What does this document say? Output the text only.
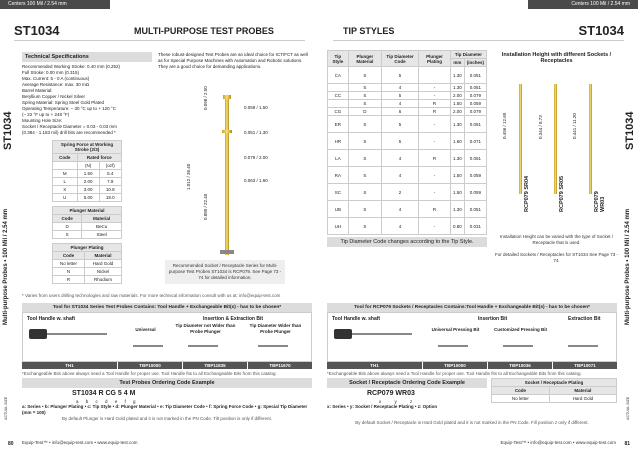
Centers 100 Mil / 2.54 mm
ST1034	MULTI-PURPOSE TEST PROBES
ST1034
Multi-purpose Probes • 100 Mil / 2.54 mm
ACTUAL SIZE
Technical Specifications
Recommended Working Stroke: 0.40 mm (0.252)
Full Stroke: 0.00 mm (0.315)
Max. Current: 5 - 0 A (continuous)
Average Resistance: max. 30 mΩ
Barrel Material:
Beryllium Copper / Nickel Silver
Spring Material: Spring Steel Gold Plated
Operating Temperature: – 30 °C up to + 120 °C
(– 22 °F up to + 248 °F)
Mounting Hole Size:
Socket / Receptacle Diameter = 0.03 - 0.03 mm
(0.384 - 1.183 mil) drill bits are recommended *
Spring Force at Working Stroke (2/3)		
Code	Rated force	
	(N)	(ozf)
M	1.50	5.4
L	2.00	7.9
X	3.00	10.8
U	5.00	18.0
Plunger Material	
Code	Material
D	BeCu
S	Steel
Plunger Plating	
Code	Material
No letter	Hard Gold
N	Nickel
R	Rhodium
These robust-designed Test Probes are an ideal choice for ICT/FCT as well as for Special Purpose Machines with Automation and Robotic solutions. They are a good choice for demanding applications.
0.059 / 1.50
0.051 / 1.30
0.079 / 2.00
0.063 / 1.60
1.012 / 36.40
0.098 / 2.50
0.880 / 22.40
Recommended Socket / Receptacle Series for Multi-purpose Test Probes ST1034 is RCP079. See Page 73 - 74 for detailed information.
* Varies from users drilling technologies and raw materials. For more technical information consult with us at: info@equip-test.com
Tool for ST1034 Series Test Probes Contains: Tool Handle + Exchangeable Bit(s) - has to be chosen*
Tool Handle w. shaft	Insertion & Extraction Bit
Universal
Tip Diameter not Wider than Probe Plunger
Tip Diameter Wider than Probe Plunger
TH1	TBP10000	TBP11835	TBP11670
*Exchangeable Bits above always need a Tool Handle for proper use. Tool Handle fits to all Exchangeable Bits from this catalog.
Test Probes Ordering Code Example
ST1034 R CG 5 4 M
a b c d e f g
a: Series • b: Plunger Plating • c: Tip Style • d: Plunger Material • e: Tip Diameter Code • f: Spring Force Code • g: Special Tip Diameter (mm = 100)
By default Plunger is Hard Gold plated and it is not marked in the PN Code. Tilt position is only if different.
80 Equip-Test™ • info@equip-test.com • www.equip-test.com
Centers 100 Mil / 2.54 mm
TIP STYLES	ST1034
ST1034
Multi-purpose Probes • 100 Mil / 2.54 mm
ACTUAL SIZE
Tip Style	Plunger Material	Tip Diameter Code	Plunger Plating	Tip Diameter	
				mm	(inches)
CA	S	5		1.30	0.051
	S	4	-	1.30	0.051
CC	S	5	-	2.00	0.079
	S	4	R	1.50	0.059
CG	D	6	R	2.00	0.079
ER	S	5	-	1.30	0.051
HR	S	5	-	1.60	0.071
LA	S	4	R	1.30	0.051
RA	S	4	-	1.50	0.059
SC	S	2	-	1.50	0.059
UB	S	4	R	1.30	0.051
UH	S	4	-	0.80	0.031
Tip Diameter Code changes according to the Tip Style.
Installation Height with different Sockets / Receptacles
0.496 / 12.60	0.344 / 8.73	0.441 / 11.20
RCP079 SR04	RCP079 SR05	RCP079 WR03
Installation Height can be varied with the type of Socket / Receptacle that is used.
For detailed Sockets / Receptacles for ST1034 See Page 73 - 74.
Tool for RCP079 Sockets / Receptacles Contains:Tool Handle + Exchangeable Bit(s) - has to be chosen*
Tool Handle w. shaft	Insertion Bit	Extraction Bit
Universal Pressing Bit	Customized Pressing Bit
TH1	TBP10000	TBP10036	TBP10071
*Exchangeable Bits above always need a Tool Handle for proper use. Tool Handle fits to all Exchangeable Bits from this catalog.
Socket / Receptacle Ordering Code Example
RCP079 WR03
x y z
x: Series • y: Socket / Receptacle Plating • z: Option
By default Socket / Receptacle is Hard Gold plated and it is not marked in the PN Code. Fill position z only if different.
Socket / Receptacle Plating	
Code	Material
No letter	Hard Gold
Equip-Test™ • info@equip-test.com • www.equip-test.com 81
